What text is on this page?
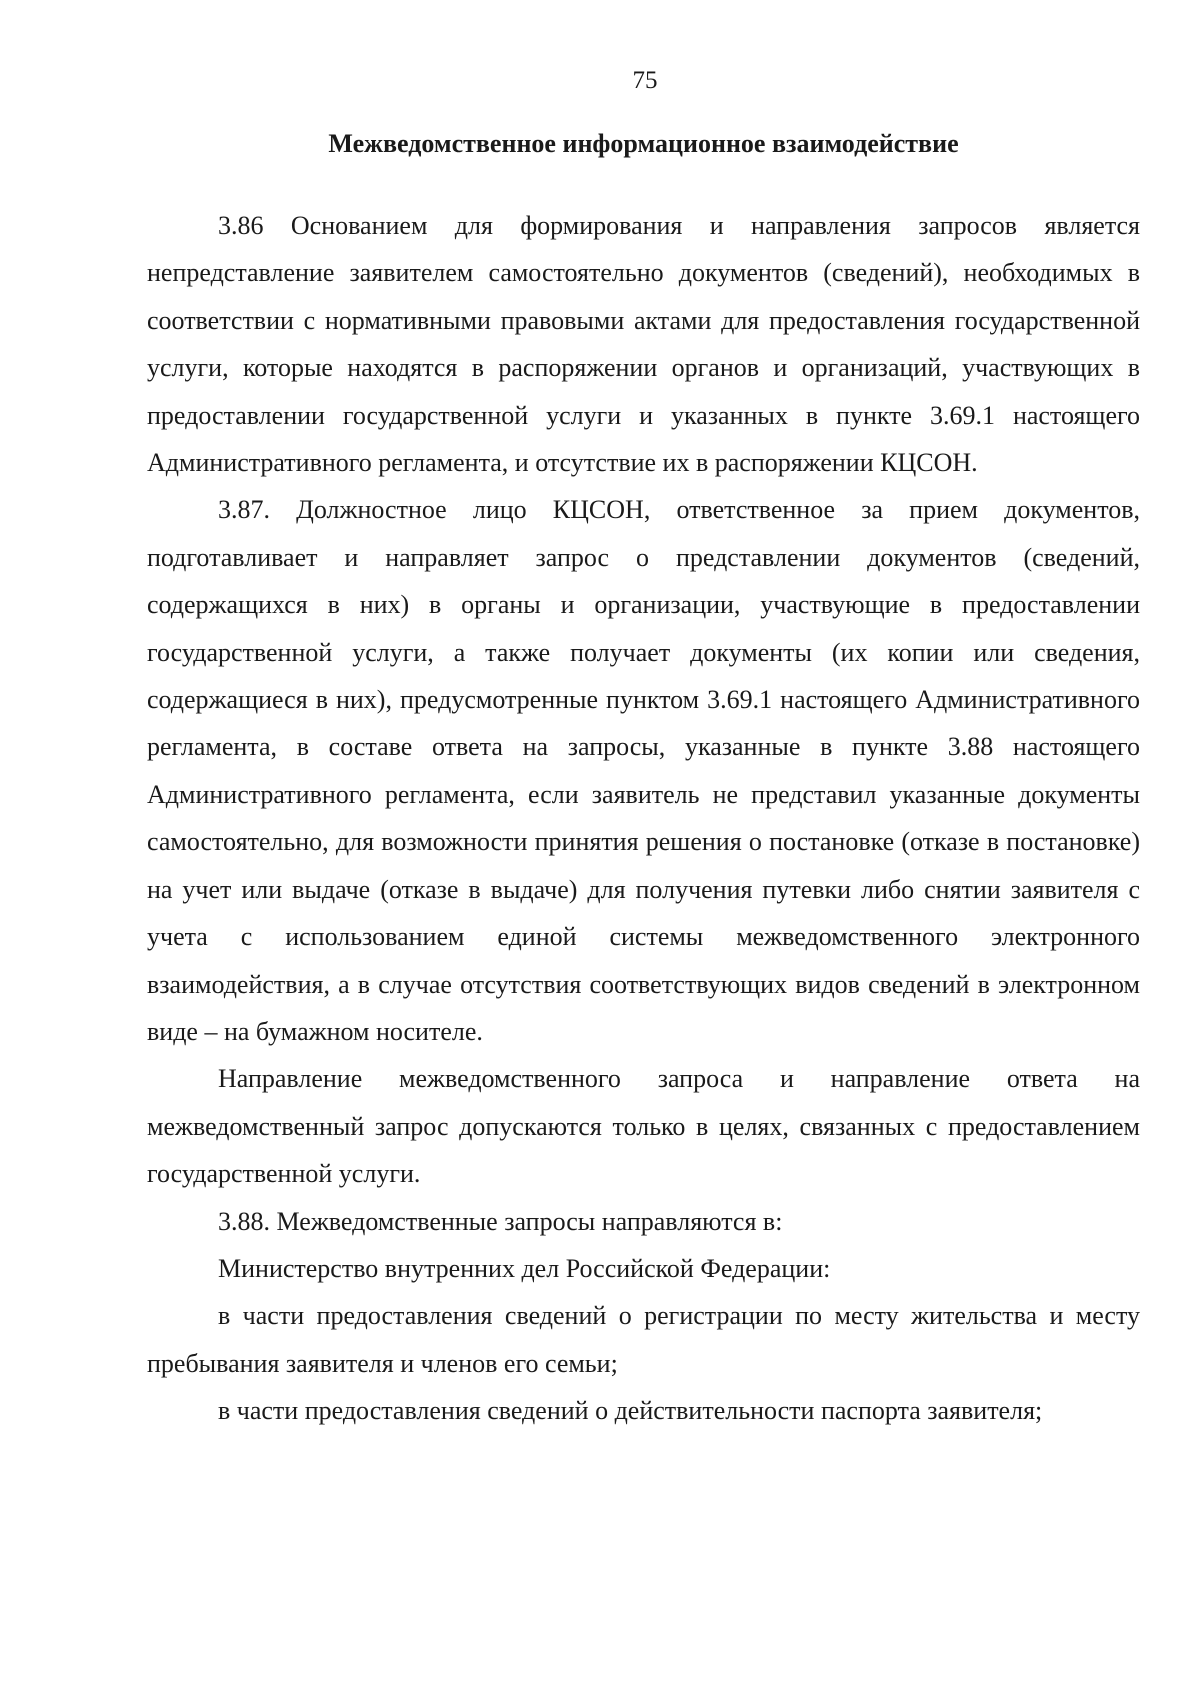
75
Межведомственное информационное взаимодействие

3.86 Основанием для формирования и направления запросов является непредставление заявителем самостоятельно документов (сведений), необходимых в соответствии с нормативными правовыми актами для предоставления государственной услуги, которые находятся в распоряжении органов и организаций, участвующих в предоставлении государственной услуги и указанных в пункте 3.69.1 настоящего Административного регламента, и отсутствие их в распоряжении КЦСОН.

3.87. Должностное лицо КЦСОН, ответственное за прием документов, подготавливает и направляет запрос о представлении документов (сведений, содержащихся в них) в органы и организации, участвующие в предоставлении государственной услуги, а также получает документы (их копии или сведения, содержащиеся в них), предусмотренные пунктом 3.69.1 настоящего Административного регламента, в составе ответа на запросы, указанные в пункте 3.88 настоящего Административного регламента, если заявитель не представил указанные документы самостоятельно, для возможности принятия решения о постановке (отказе в постановке) на учет или выдаче (отказе в выдаче) для получения путевки либо снятии заявителя с учета с использованием единой системы межведомственного электронного взаимодействия, а в случае отсутствия соответствующих видов сведений в электронном виде – на бумажном носителе.

Направление межведомственного запроса и направление ответа на межведомственный запрос допускаются только в целях, связанных с предоставлением государственной услуги.

3.88. Межведомственные запросы направляются в:

Министерство внутренних дел Российской Федерации:

в части предоставления сведений о регистрации по месту жительства и месту пребывания заявителя и членов его семьи;

в части предоставления сведений о действительности паспорта заявителя;
